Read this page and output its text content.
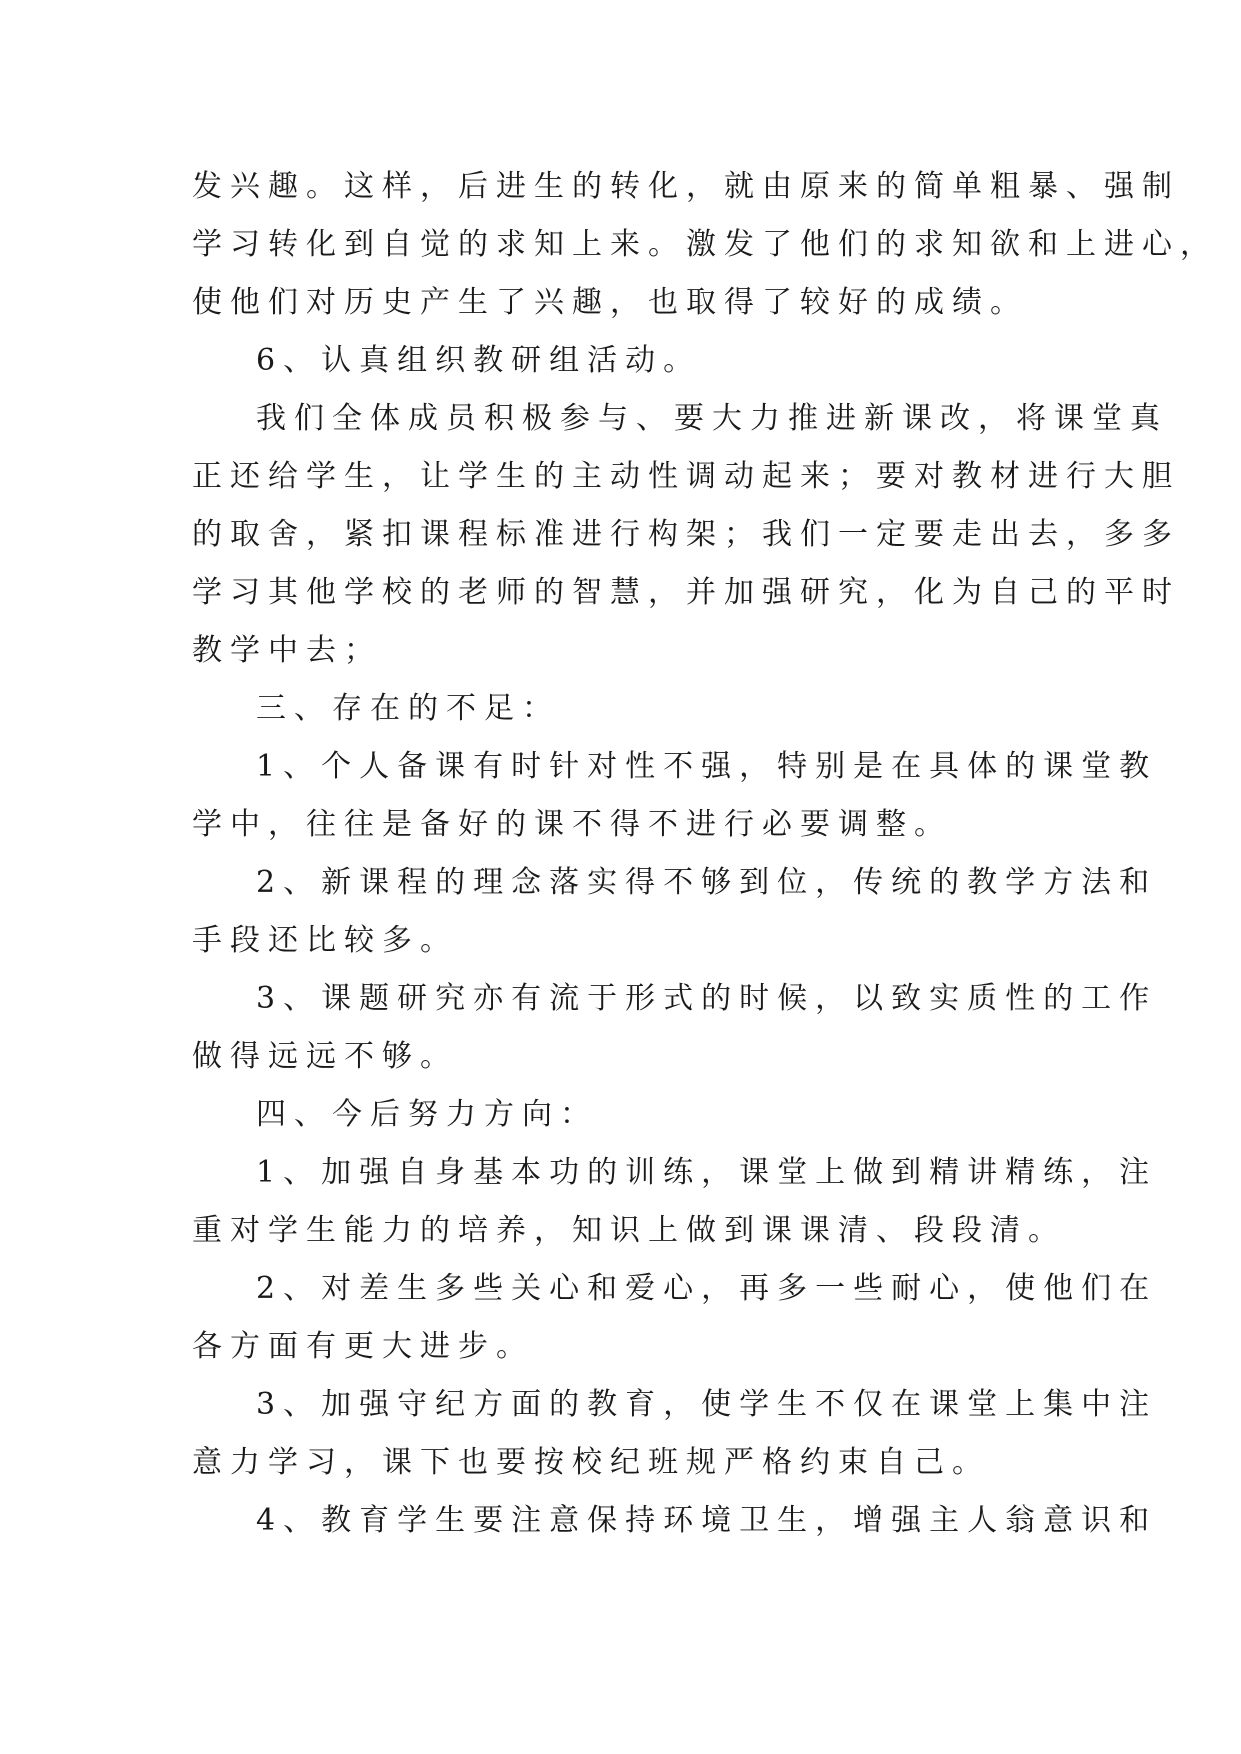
发兴趣。这样，后进生的转化，就由原来的简单粗暴、强制
学习转化到自觉的求知上来。激发了他们的求知欲和上进心，
使他们对历史产生了兴趣，也取得了较好的成绩。
6、认真组织教研组活动。
我们全体成员积极参与、要大力推进新课改，将课堂真
正还给学生，让学生的主动性调动起来；要对教材进行大胆
的取舍，紧扣课程标准进行构架；我们一定要走出去，多多
学习其他学校的老师的智慧，并加强研究，化为自己的平时
教学中去；
三、存在的不足：
1、个人备课有时针对性不强，特别是在具体的课堂教
学中，往往是备好的课不得不进行必要调整。
2、新课程的理念落实得不够到位，传统的教学方法和
手段还比较多。
3、课题研究亦有流于形式的时候，以致实质性的工作
做得远远不够。
四、今后努力方向：
1、加强自身基本功的训练，课堂上做到精讲精练，注
重对学生能力的培养，知识上做到课课清、段段清。
2、对差生多些关心和爱心，再多一些耐心，使他们在
各方面有更大进步。
3、加强守纪方面的教育，使学生不仅在课堂上集中注
意力学习，课下也要按校纪班规严格约束自己。
4、教育学生要注意保持环境卫生，增强主人翁意识和
